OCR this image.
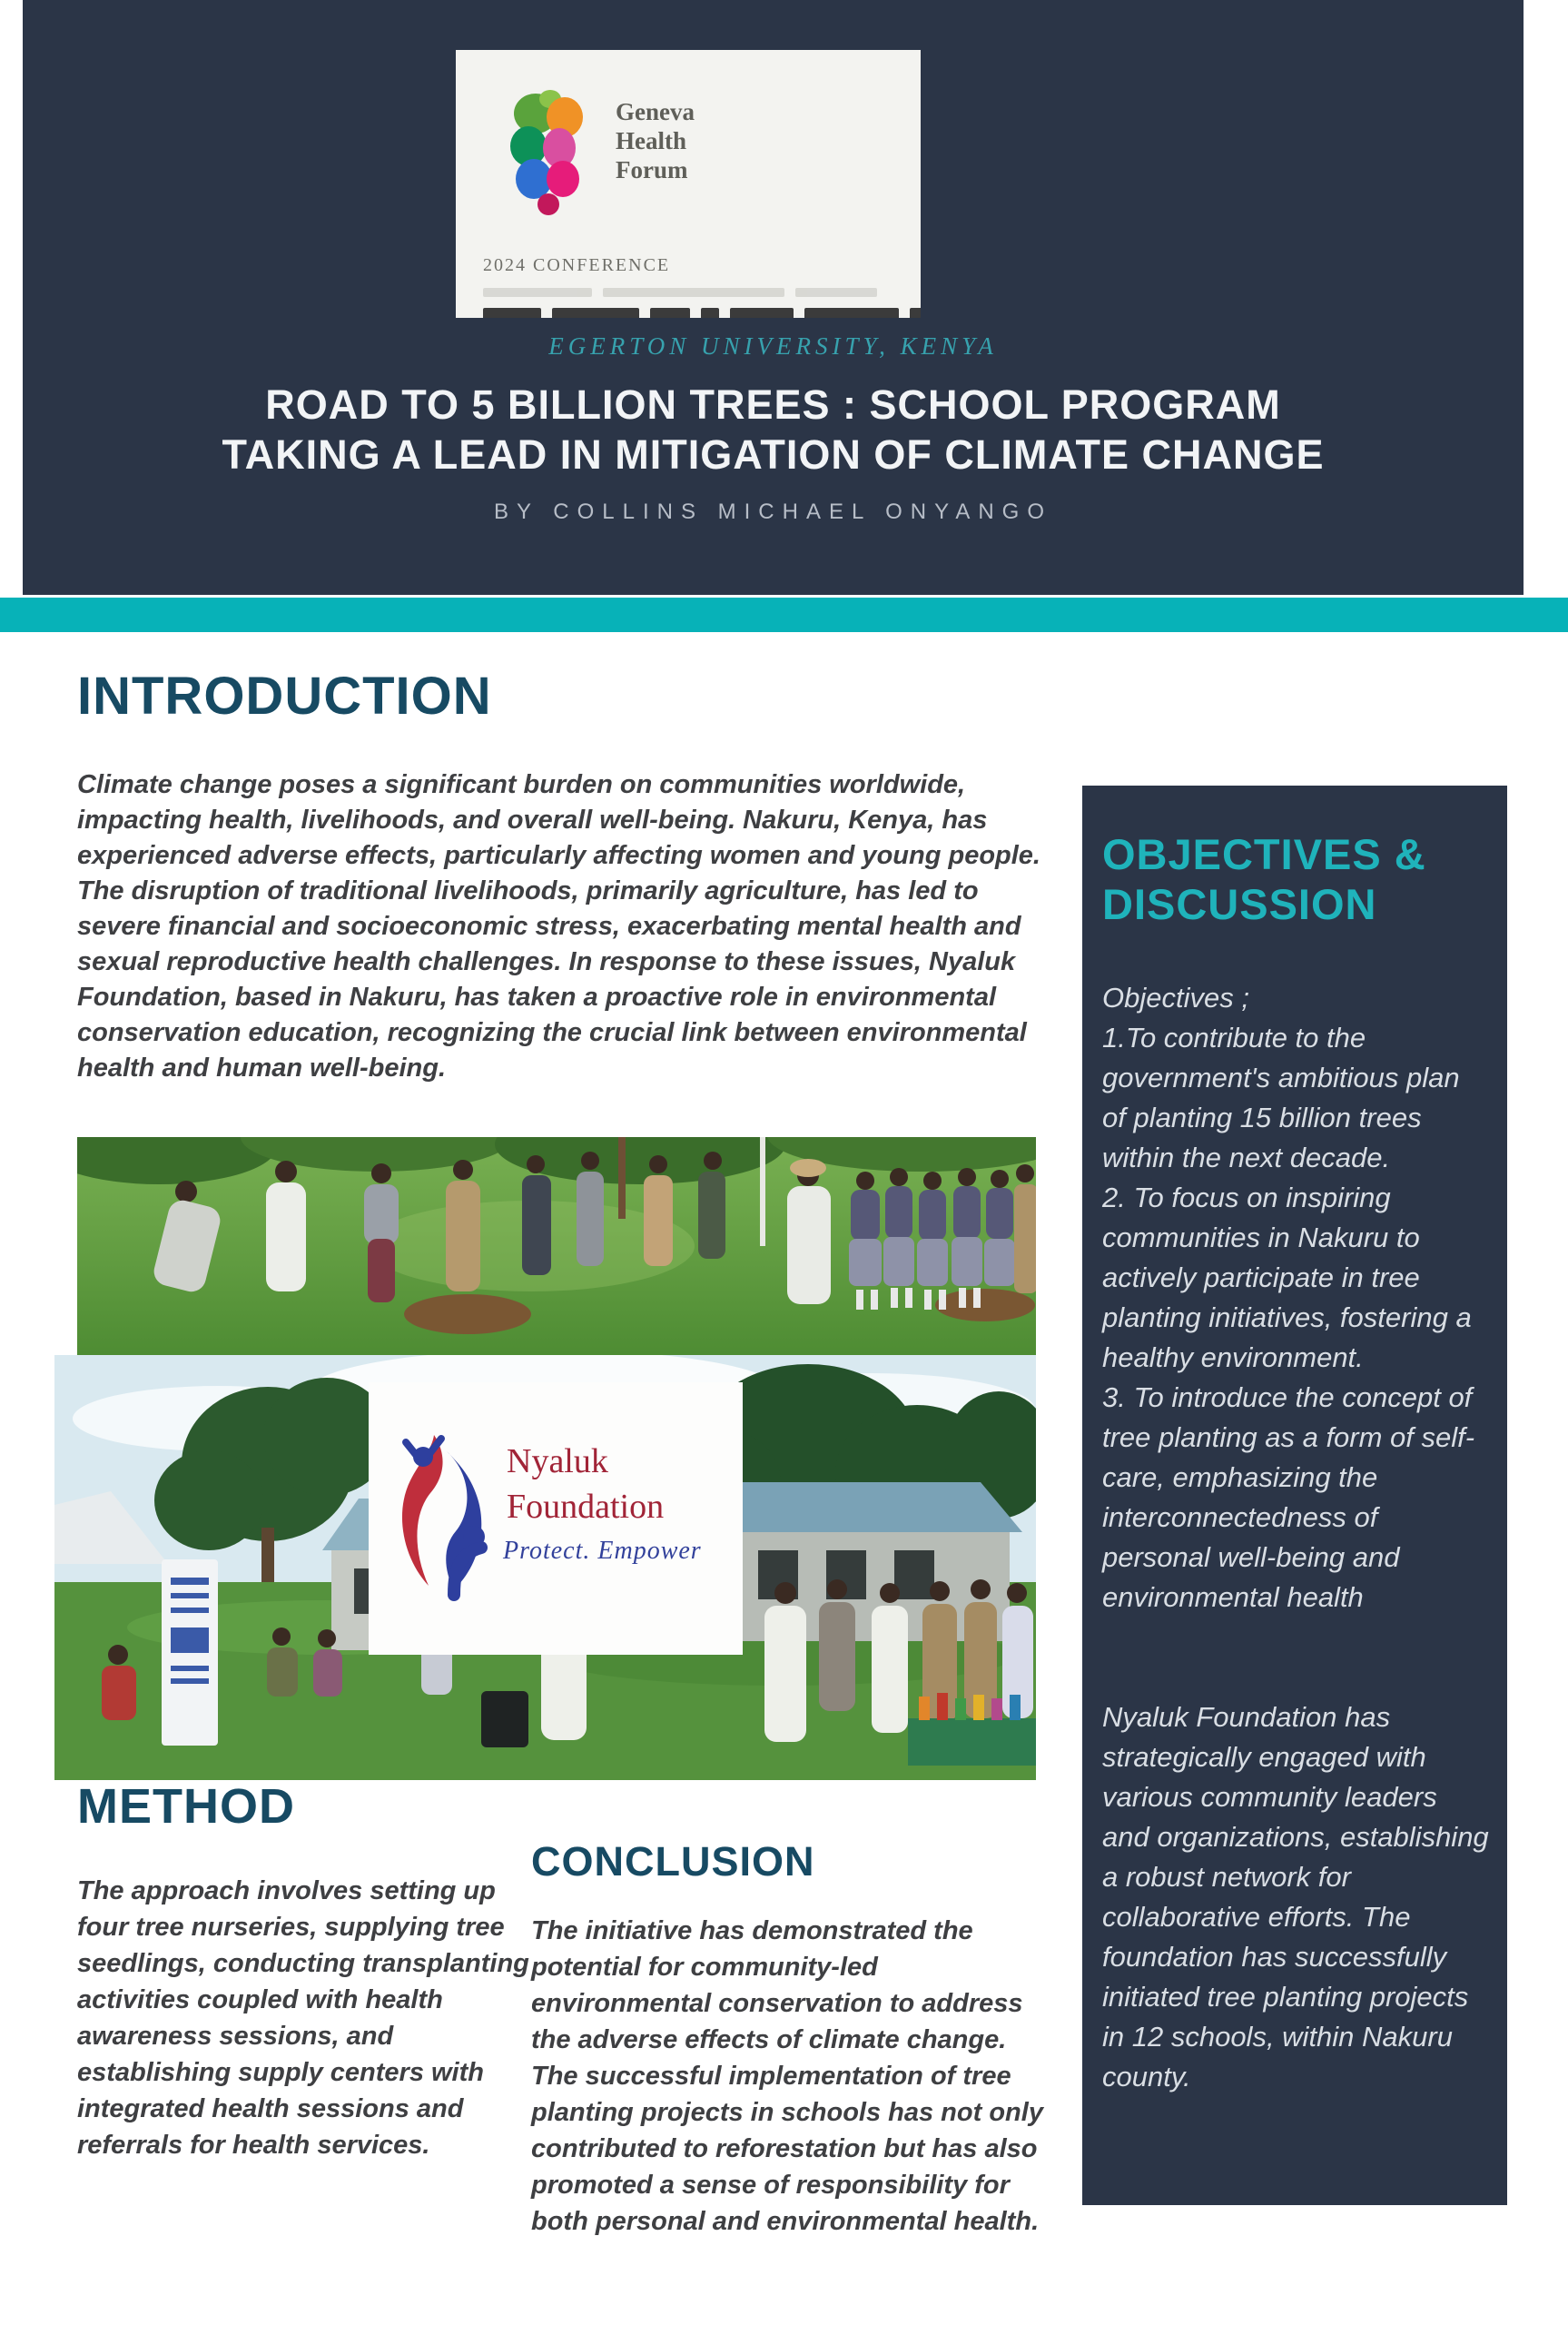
Geneva
Health
Forum
2024 CONFERENCE
EGERTON UNIVERSITY, KENYA
ROAD TO 5 BILLION TREES : SCHOOL PROGRAM
TAKING A LEAD IN MITIGATION OF CLIMATE CHANGE
BY COLLINS MICHAEL ONYANGO
INTRODUCTION
Climate change poses a significant burden on communities worldwide, impacting health, livelihoods, and overall well-being. Nakuru, Kenya, has experienced adverse effects, particularly affecting women and young people. The disruption of traditional livelihoods, primarily agriculture, has led to severe financial and socioeconomic stress, exacerbating mental health and sexual reproductive health challenges. In response to these issues, Nyaluk Foundation, based in Nakuru, has taken a proactive role in environmental conservation education, recognizing the crucial link between environmental health and human well-being.
Nyaluk
Foundation
Protect. Empower
METHOD
The approach involves setting up four tree nurseries, supplying tree seedlings, conducting transplanting activities coupled with health awareness sessions, and establishing supply centers with integrated health sessions and referrals for health services.
CONCLUSION
The initiative has demonstrated the potential for community-led environmental conservation to address the adverse effects of climate change. The successful implementation of tree planting projects in schools has not only contributed to reforestation but has also promoted a sense of responsibility for both personal and environmental health.
OBJECTIVES &
DISCUSSION

Objectives ;

1.To contribute to the government's ambitious plan of planting 15 billion trees within the next decade.

2. To focus on inspiring communities in Nakuru to actively participate in tree planting initiatives, fostering a healthy environment.

3. To introduce the concept of tree planting as a form of self-care, emphasizing the interconnectedness of personal well-being and environmental health

Nyaluk Foundation has strategically engaged with various community leaders and organizations, establishing a robust network for collaborative efforts. The foundation has successfully initiated tree planting projects in 12 schools, within Nakuru county.
